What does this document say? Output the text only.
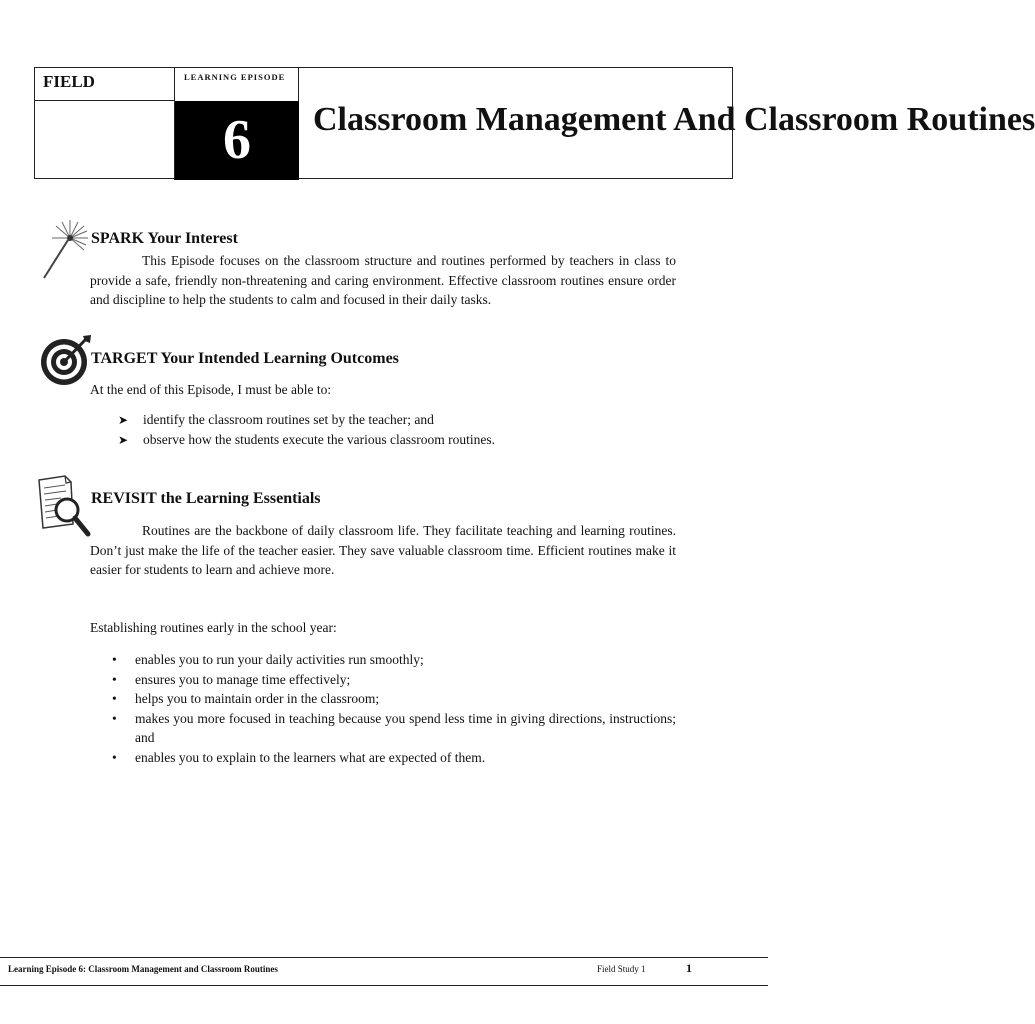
FIELD	LEARNING EPISODE
6	Classroom Management And Classroom Routines
SPARK Your Interest

This Episode focuses on the classroom structure and routines performed by teachers in class to provide a safe, friendly non-threatening and caring environment. Effective classroom routines ensure order and discipline to help the students to calm and focused in their daily tasks.

TARGET Your Intended Learning Outcomes
At the end of this Episode, I must be able to:
➤ identify the classroom routines set by the teacher; and
➤ observe how the students execute the various classroom routines.
REVISIT the Learning Essentials

Routines are the backbone of daily classroom life. They facilitate teaching and learning routines. Don’t just make the life of the teacher easier. They save valuable classroom time. Efficient routines make it easier for students to learn and achieve more.

Establishing routines early in the school year:
• enables you to run your daily activities run smoothly;
• ensures you to manage time effectively;
• helps you to maintain order in the classroom;
• makes you more focused in teaching because you spend less time in giving directions, instructions; and
• enables you to explain to the learners what are expected of them.
Learning Episode 6: Classroom Management and Classroom Routines	Field Study 1	1
